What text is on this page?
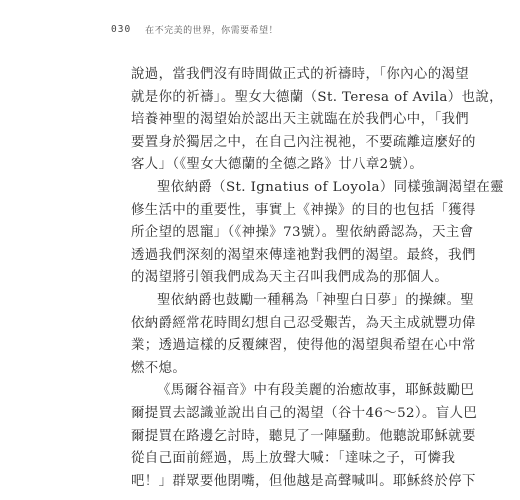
030 在不完美的世界，你需要希望！
說過，當我們沒有時間做正式的祈禱時，「你內心的渴望
就是你的祈禱」。聖女大德蘭（St. Teresa of Avila）也說，
培養神聖的渴望始於認出天主就臨在於我們心中，「我們
要置身於獨居之中，在自己內注視祂，不要疏離這麼好的
客人」（《聖女大德蘭的全德之路》廿八章2號）。
聖依納爵（St. Ignatius of Loyola）同樣強調渴望在靈
修生活中的重要性，事實上《神操》的目的也包括「獲得
所企望的恩寵」（《神操》73號）。聖依納爵認為，天主會
透過我們深刻的渴望來傳達祂對我們的渴望。最終，我們
的渴望將引領我們成為天主召叫我們成為的那個人。
聖依納爵也鼓勵一種稱為「神聖白日夢」的操練。聖
依納爵經常花時間幻想自己忍受艱苦，為天主成就豐功偉
業；透過這樣的反覆練習，使得他的渴望與希望在心中常
燃不熄。
《馬爾谷福音》中有段美麗的治癒故事，耶穌鼓勵巴
爾提買去認識並說出自己的渴望（谷十46～52）。盲人巴
爾提買在路邊乞討時，聽見了一陣騷動。他聽說耶穌就要
從自己面前經過，馬上放聲大喊：「達味之子，可憐我
吧！」群眾要他閉嘴，但他越是高聲喊叫。耶穌終於停下
